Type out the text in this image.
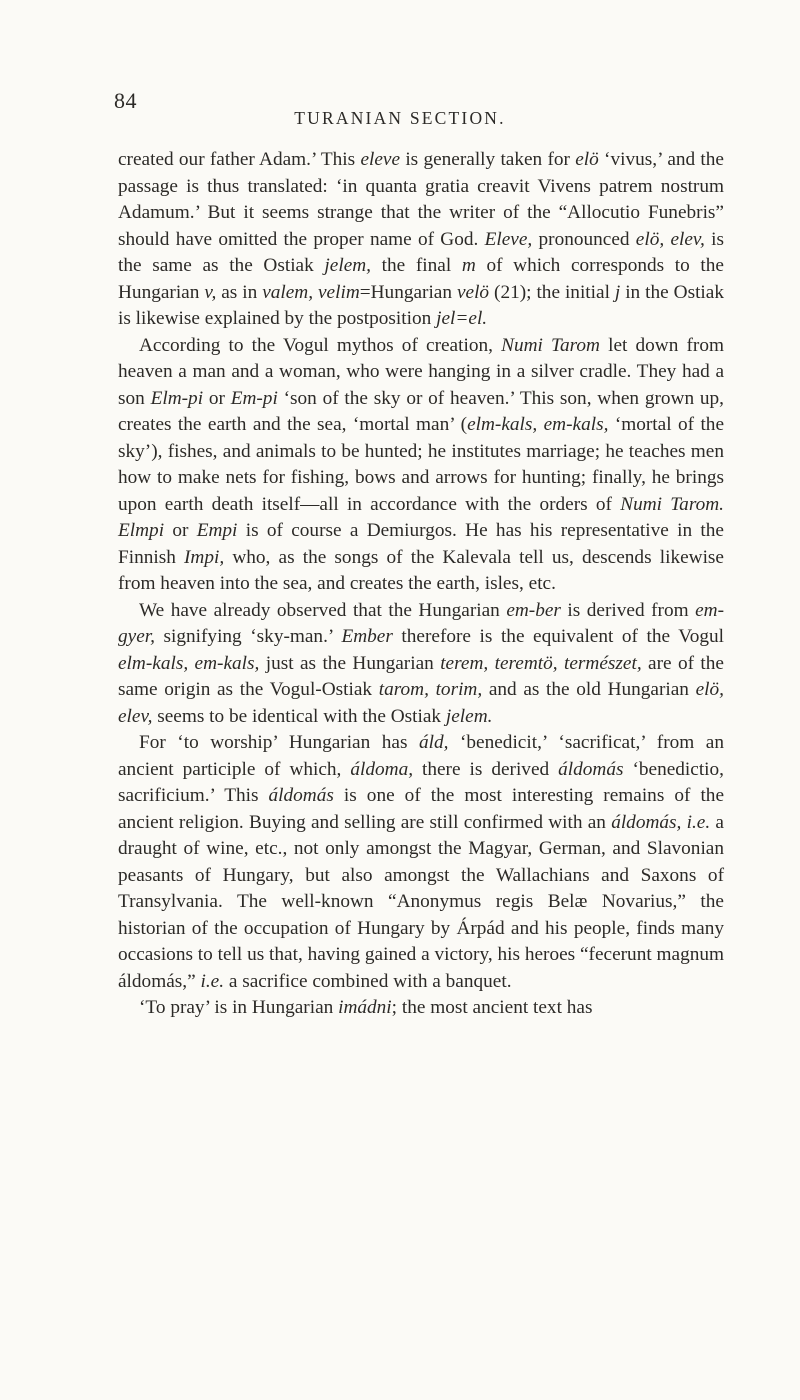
84
TURANIAN SECTION.

created our father Adam.’ This eleve is generally taken for elö ‘vivus,’ and the passage is thus translated: ‘in quanta gratia creavit Vivens patrem nostrum Adamum.’ But it seems strange that the writer of the “Allocutio Funebris” should have omitted the proper name of God. Eleve, pronounced elö, elev, is the same as the Ostiak jelem, the final m of which corresponds to the Hungarian v, as in valem, velim=Hungarian velö (21); the initial j in the Ostiak is likewise explained by the postposition jel=el.

According to the Vogul mythos of creation, Numi Tarom let down from heaven a man and a woman, who were hanging in a silver cradle. They had a son Elm-pi or Em-pi ‘son of the sky or of heaven.’ This son, when grown up, creates the earth and the sea, ‘mortal man’ (elm-kals, em-kals, ‘mortal of the sky’), fishes, and animals to be hunted; he institutes marriage; he teaches men how to make nets for fishing, bows and arrows for hunting; finally, he brings upon earth death itself—all in accordance with the orders of Numi Tarom. Elmpi or Empi is of course a Demiurgos. He has his representative in the Finnish Impi, who, as the songs of the Kalevala tell us, descends likewise from heaven into the sea, and creates the earth, isles, etc.

We have already observed that the Hungarian em-ber is derived from em-gyer, signifying ‘sky-man.’ Ember therefore is the equivalent of the Vogul elm-kals, em-kals, just as the Hungarian terem, teremtö, természet, are of the same origin as the Vogul-Ostiak tarom, torim, and as the old Hungarian elö, elev, seems to be identical with the Ostiak jelem.

For ‘to worship’ Hungarian has áld, ‘benedicit,’ ‘sacrificat,’ from an ancient participle of which, áldoma, there is derived áldomás ‘benedictio, sacrificium.’ This áldomás is one of the most interesting remains of the ancient religion. Buying and selling are still confirmed with an áldomás, i.e. a draught of wine, etc., not only amongst the Magyar, German, and Slavonian peasants of Hungary, but also amongst the Wallachians and Saxons of Transylvania. The well-known “Anonymus regis Belæ Novarius,” the historian of the occupation of Hungary by Árpád and his people, finds many occasions to tell us that, having gained a victory, his heroes “fecerunt magnum áldomás,” i.e. a sacrifice combined with a banquet.

‘To pray’ is in Hungarian imádni; the most ancient text has
